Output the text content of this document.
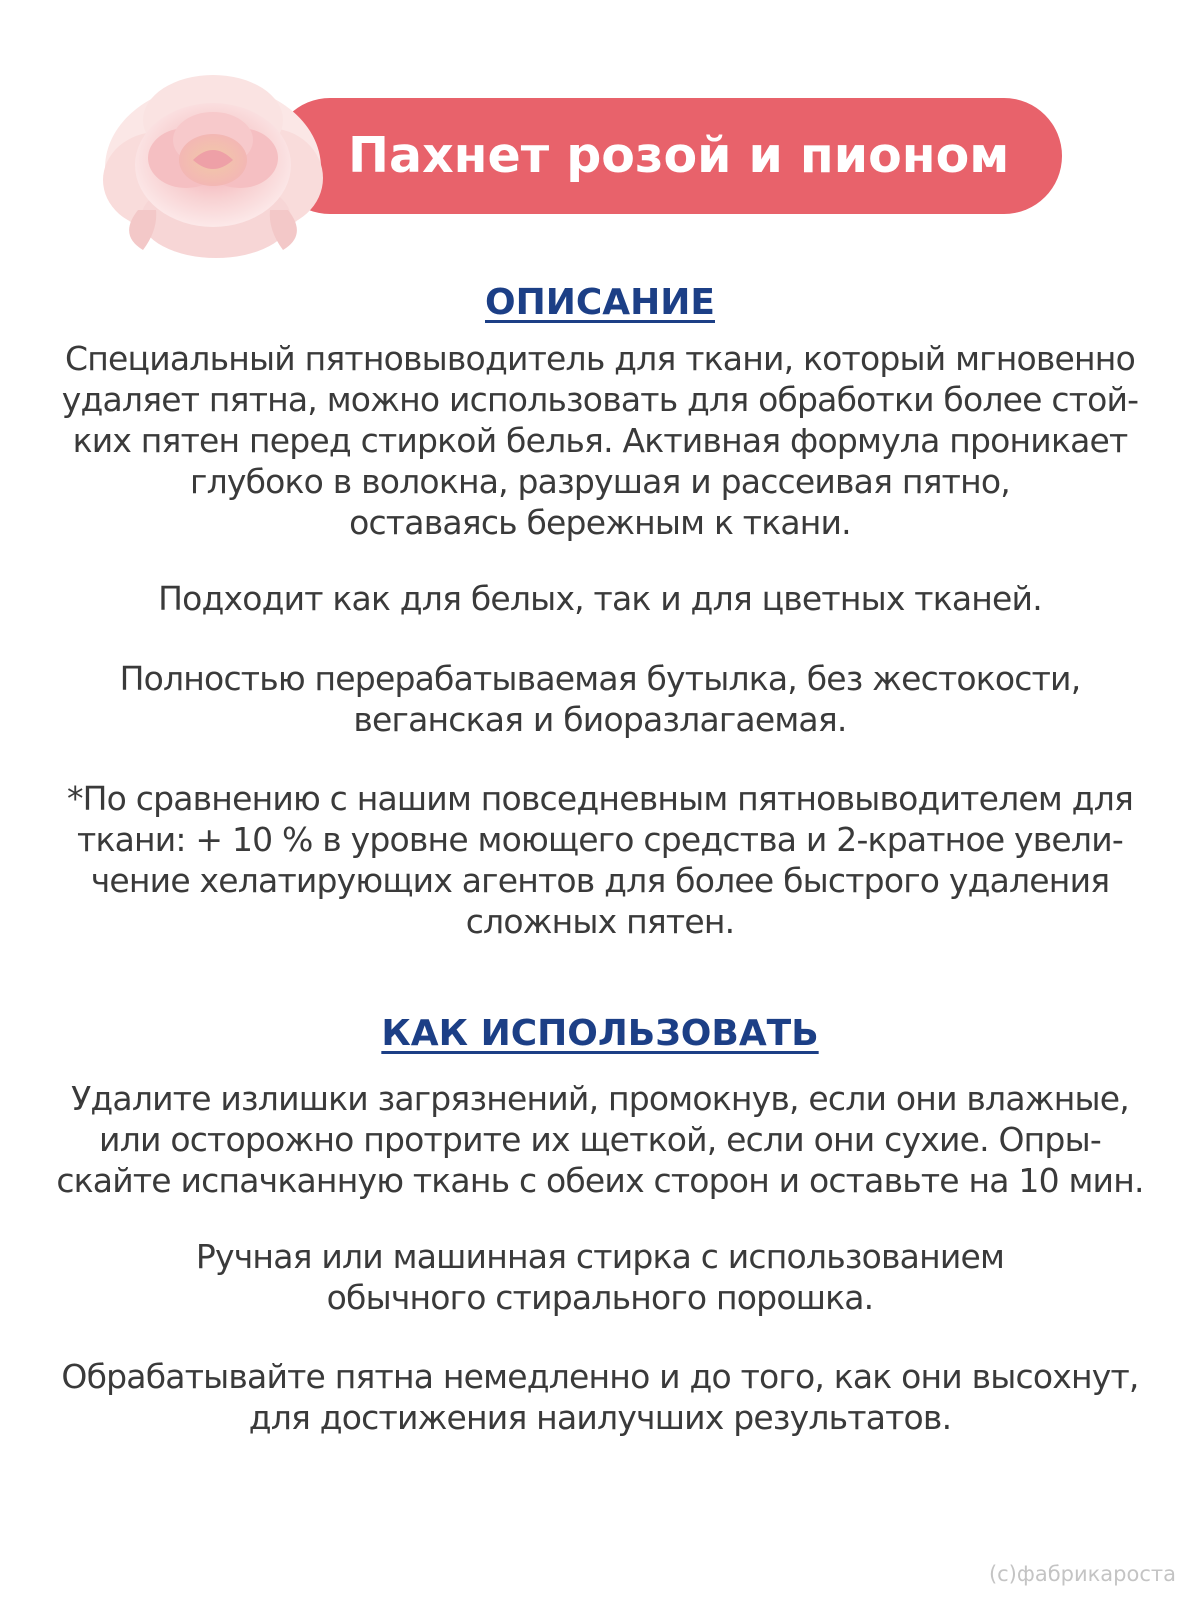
Пахнет розой и пионом
ОПИСАНИЕ

Специальный пятновыводитель для ткани, который мгновенно
удаляет пятна, можно использовать для обработки более стой-
ких пятен перед стиркой белья. Активная формула проникает
глубоко в волокна, разрушая и рассеивая пятно,
оставаясь бережным к ткани.

Подходит как для белых, так и для цветных тканей.

Полностью перерабатываемая бутылка, без жестокости,
веганская и биоразлагаемая.

*По сравнению с нашим повседневным пятновыводителем для
ткани: + 10 % в уровне моющего средства и 2-кратное увели-
чение хелатирующих агентов для более быстрого удаления
сложных пятен.

КАК ИСПОЛЬЗОВАТЬ

Удалите излишки загрязнений, промокнув, если они влажные,
или осторожно протрите их щеткой, если они сухие. Опры-
скайте испачканную ткань с обеих сторон и оставьте на 10 мин.

Ручная или машинная стирка с использованием
обычного стирального порошка.

Обрабатывайте пятна немедленно и до того, как они высохнут,
для достижения наилучших результатов.

(с)фабрикароста
